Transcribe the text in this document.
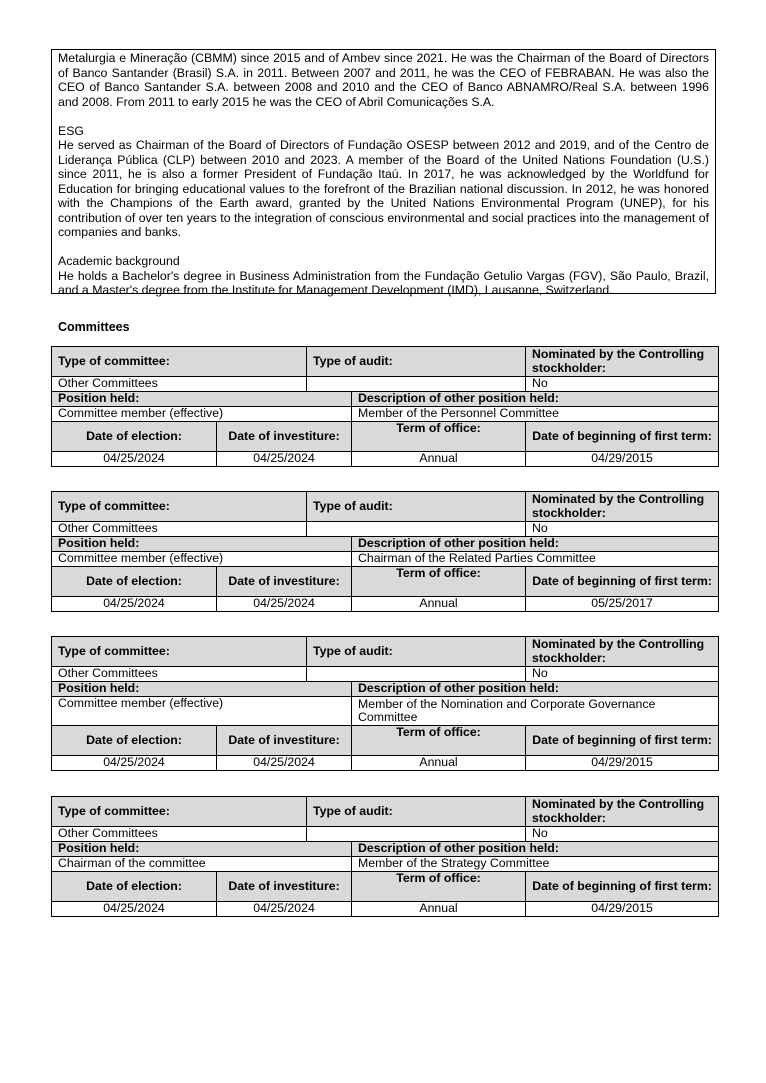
Metalurgia e Mineração (CBMM) since 2015 and of Ambev since 2021. He was the Chairman of the Board of Directors of Banco Santander (Brasil) S.A. in 2011. Between 2007 and 2011, he was the CEO of FEBRABAN. He was also the CEO of Banco Santander S.A. between 2008 and 2010 and the CEO of Banco ABNAMRO/Real S.A. between 1996 and 2008. From 2011 to early 2015 he was the CEO of Abril Comunicações S.A.

ESG

He served as Chairman of the Board of Directors of Fundação OSESP between 2012 and 2019, and of the Centro de Liderança Pública (CLP) between 2010 and 2023. A member of the Board of the United Nations Foundation (U.S.) since 2011, he is also a former President of Fundação Itaú. In 2017, he was acknowledged by the Worldfund for Education for bringing educational values to the forefront of the Brazilian national discussion. In 2012, he was honored with the Champions of the Earth award, granted by the United Nations Environmental Program (UNEP), for his contribution of over ten years to the integration of conscious environmental and social practices into the management of companies and banks.

Academic background

He holds a Bachelor's degree in Business Administration from the Fundação Getulio Vargas (FGV), São Paulo, Brazil, and a Master's degree from the Institute for Management Development (IMD), Lausanne, Switzerland.

Committees
Type of committee:		Type of audit:		Nominated by the Controlling stockholder:
Other Committees				No
Position held:			Description of other position held:	
Committee member (effective)			Member of the Personnel Committee	
Date of election:	Date of investiture:		Term of office:	Date of beginning of first term:
04/25/2024	04/25/2024		Annual	04/29/2015
Type of committee:		Type of audit:		Nominated by the Controlling stockholder:
Other Committees				No
Position held:			Description of other position held:	
Committee member (effective)			Chairman of the Related Parties Committee	
Date of election:	Date of investiture:		Term of office:	Date of beginning of first term:
04/25/2024	04/25/2024		Annual	05/25/2017
Type of committee:		Type of audit:		Nominated by the Controlling stockholder:
Other Committees				No
Position held:			Description of other position held:	
Committee member (effective)			Member of the Nomination and Corporate Governance Committee	
Date of election:	Date of investiture:		Term of office:	Date of beginning of first term:
04/25/2024	04/25/2024		Annual	04/29/2015
Type of committee:		Type of audit:		Nominated by the Controlling stockholder:
Other Committees				No
Position held:			Description of other position held:	
Chairman of the committee			Member of the Strategy Committee	
Date of election:	Date of investiture:		Term of office:	Date of beginning of first term:
04/25/2024	04/25/2024		Annual	04/29/2015
